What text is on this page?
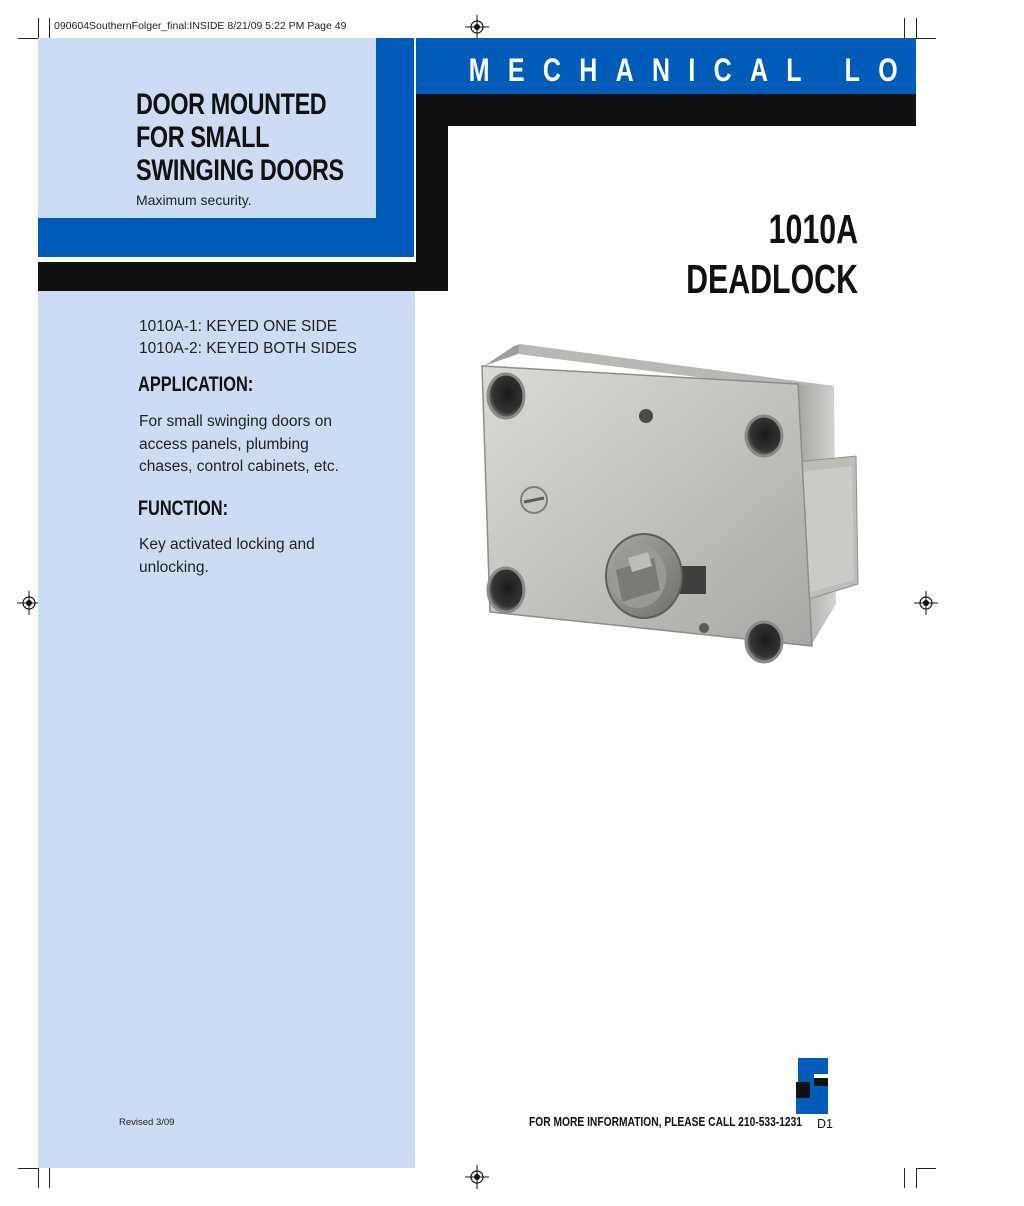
090604SouthernFolger_final:INSIDE 8/21/09 5:22 PM Page 49
MECHANICAL LOCKS
DOOR MOUNTED
FOR SMALL
SWINGING DOORS
Maximum security.
1010A
DEADLOCK
1010A-1: KEYED ONE SIDE
1010A-2: KEYED BOTH SIDES
APPLICATION:
For small swinging doors on
access panels, plumbing
chases, control cabinets, etc.
FUNCTION:
Key activated locking and
unlocking.
Revised 3/09	FOR MORE INFORMATION, PLEASE CALL 210-533-1231 D1
